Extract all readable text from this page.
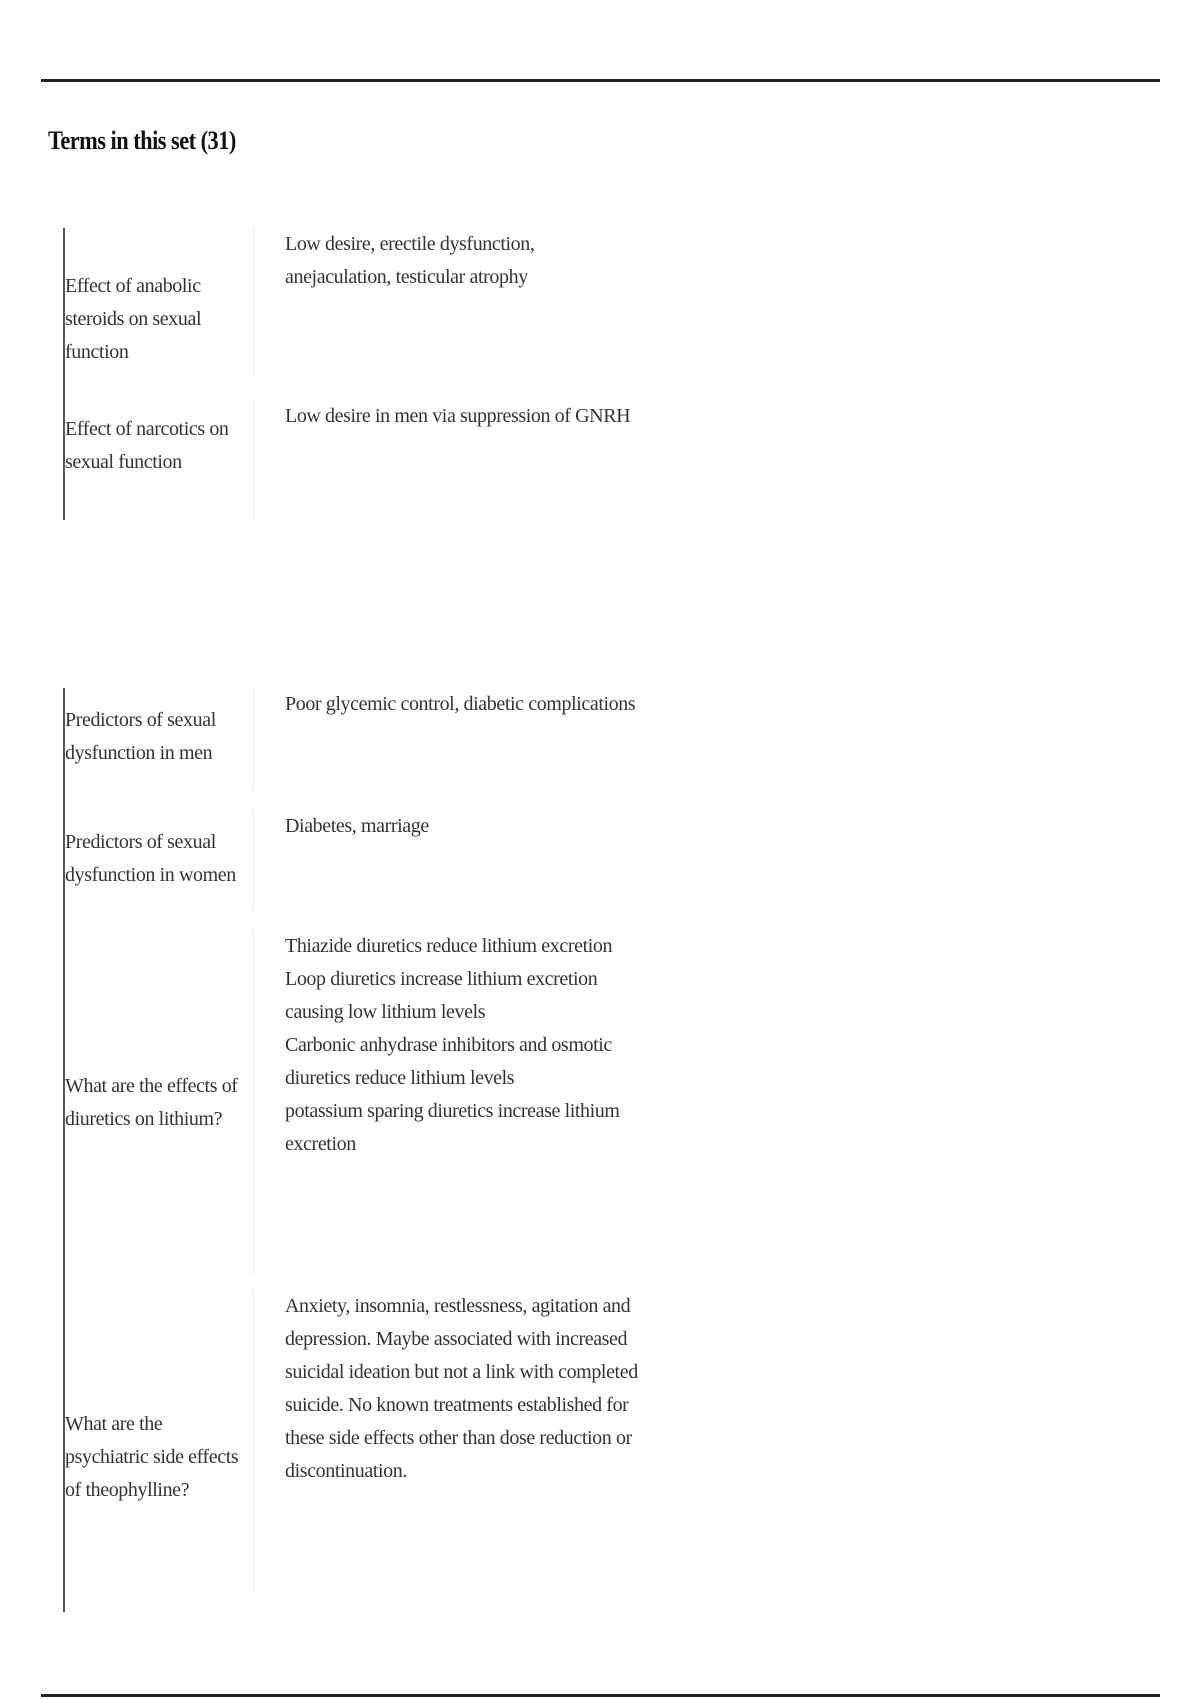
Terms in this set (31)
Effect of anabolic steroids on sexual function
Low desire, erectile dysfunction, anejaculation, testicular atrophy
Effect of narcotics on sexual function
Low desire in men via suppression of GNRH
Predictors of sexual dysfunction in men
Poor glycemic control, diabetic complications
Predictors of sexual dysfunction in women
Diabetes, marriage
What are the effects of diuretics on lithium?
Thiazide diuretics reduce lithium excretion
Loop diuretics increase lithium excretion causing low lithium levels
Carbonic anhydrase inhibitors and osmotic diuretics reduce lithium levels
potassium sparing diuretics increase lithium excretion
What are the psychiatric side effects of theophylline?
Anxiety, insomnia, restlessness, agitation and depression. Maybe associated with increased suicidal ideation but not a link with completed suicide. No known treatments established for these side effects other than dose reduction or discontinuation.
